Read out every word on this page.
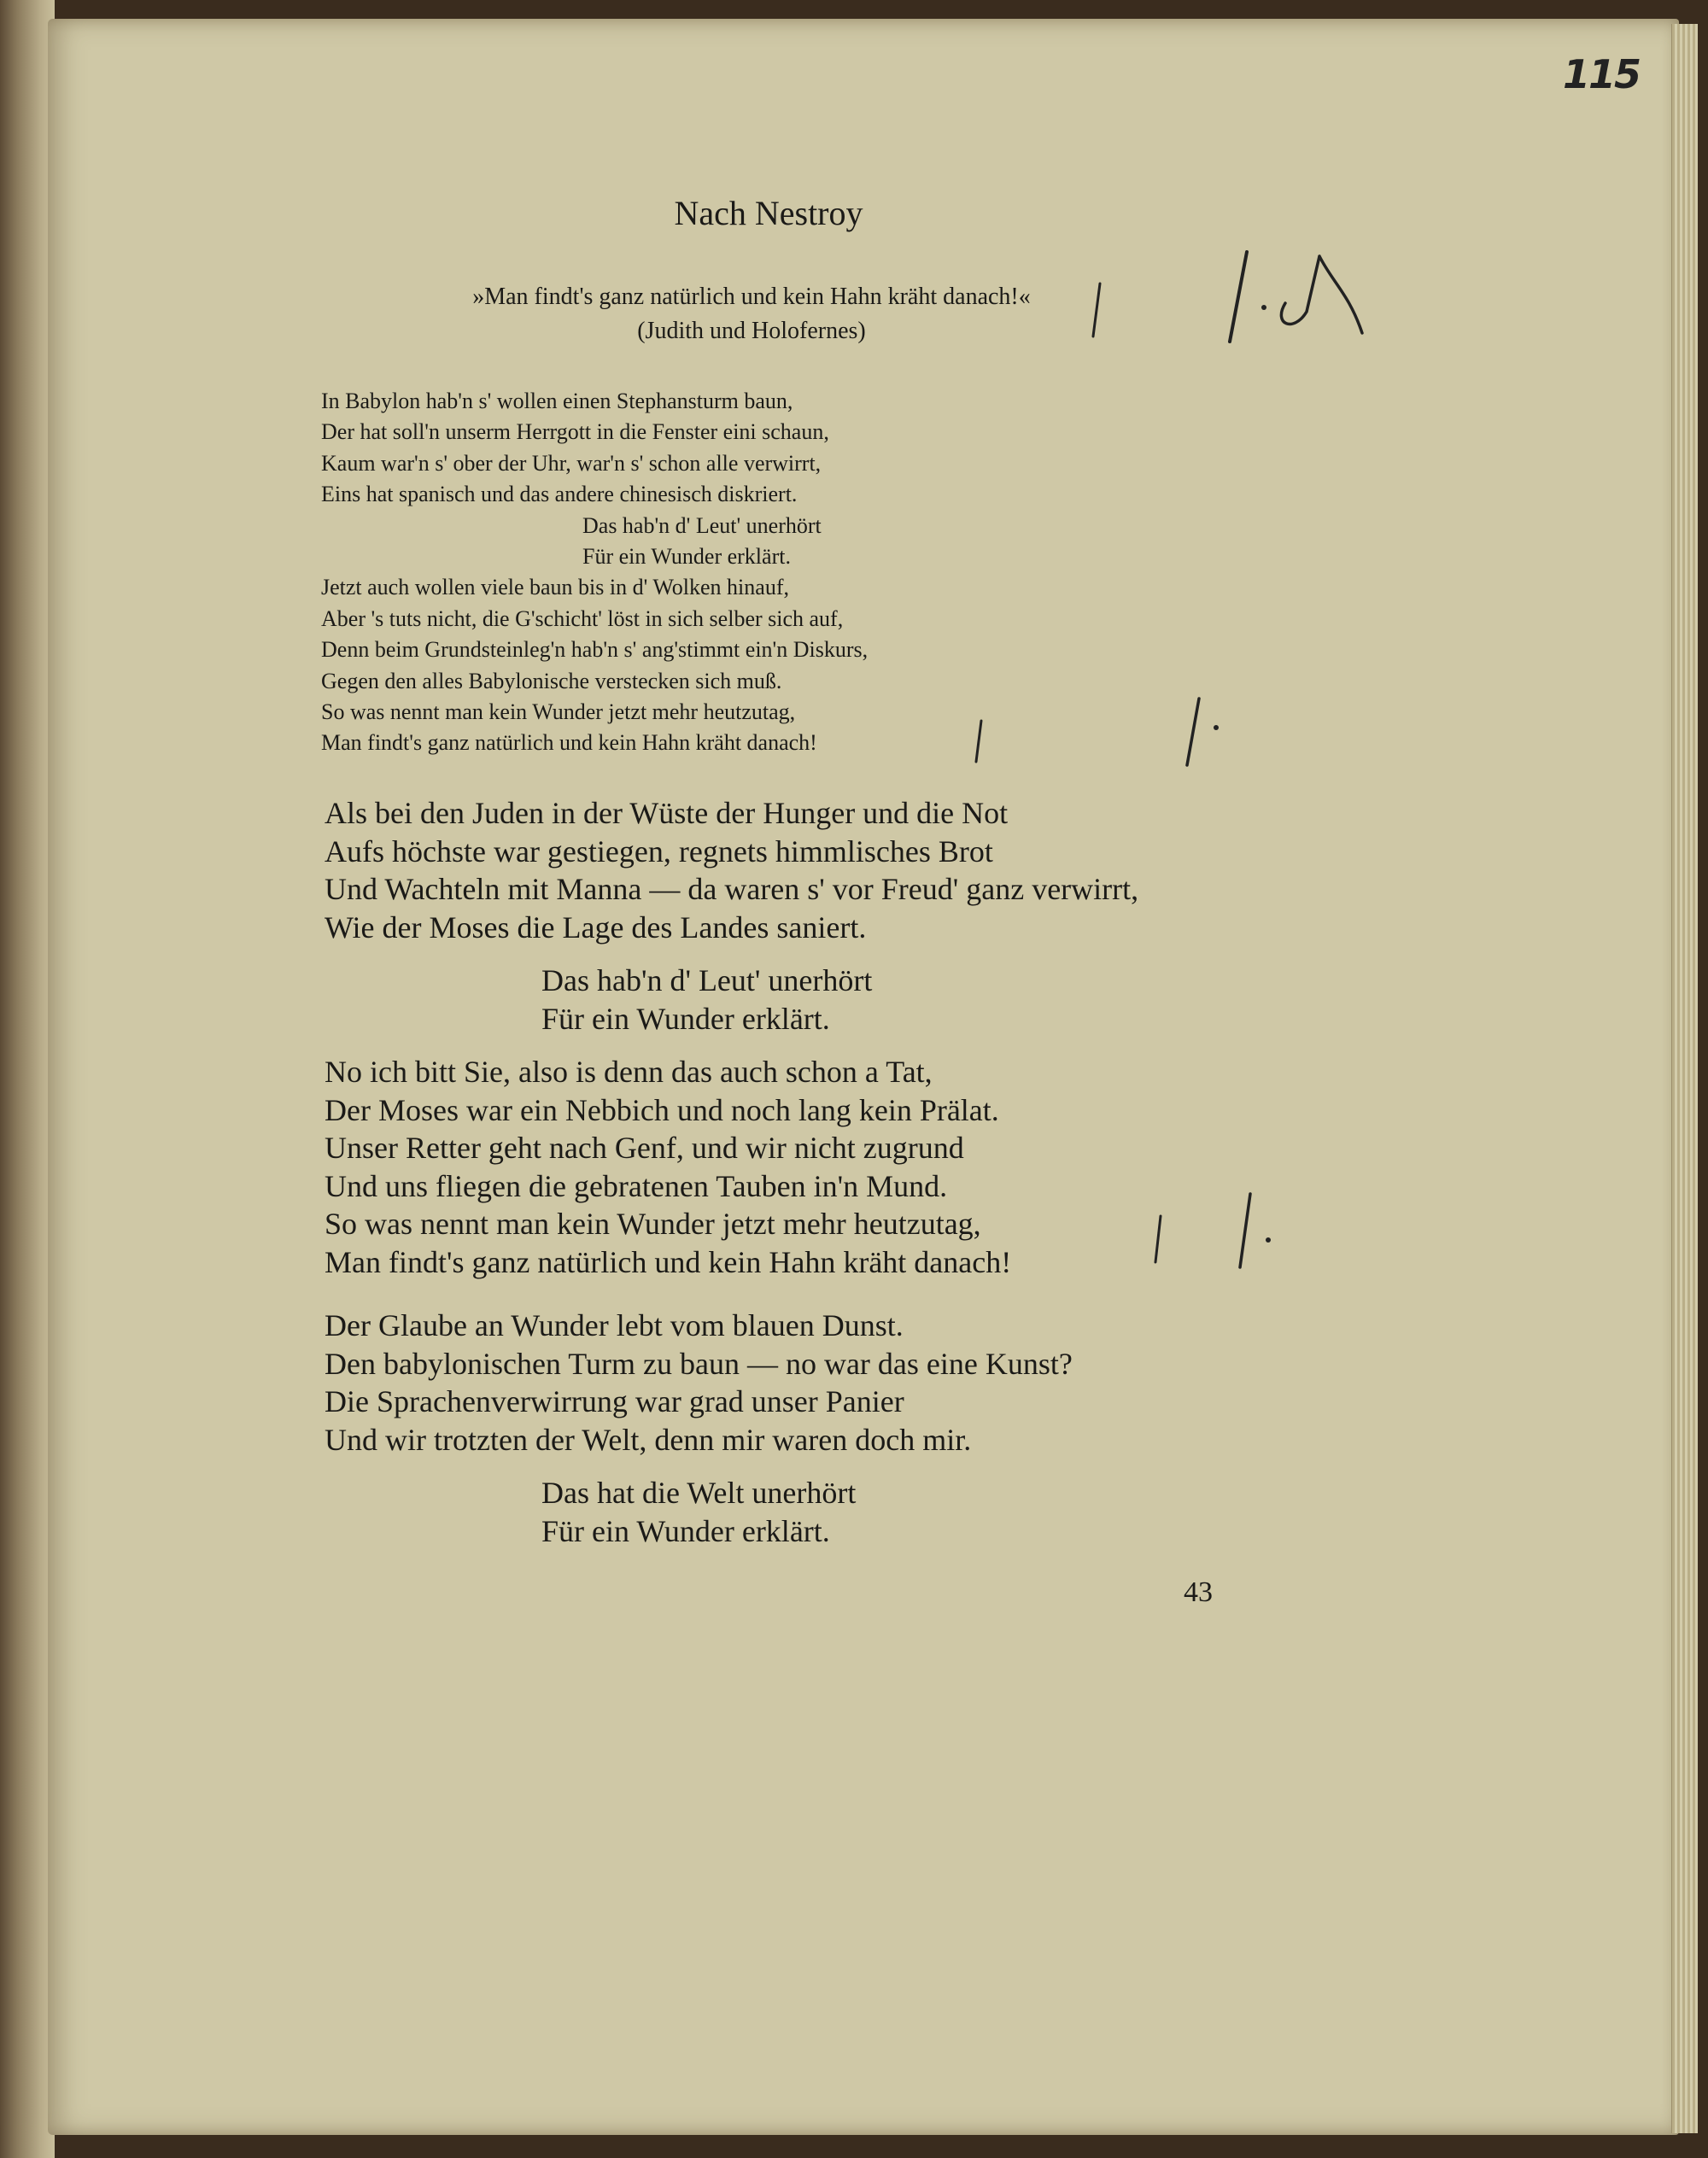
115
Nach Nestroy
»Man findt's ganz natürlich und kein Hahn kräht danach!«
(Judith und Holofernes)
In Babylon hab'n s' wollen einen Stephansturm baun,
Der hat soll'n unserm Herrgott in die Fenster eini schaun,
Kaum war'n s' ober der Uhr, war'n s' schon alle verwirrt,
Eins hat spanisch und das andere chinesisch diskriert.
Das hab'n d' Leut' unerhört
Für ein Wunder erklärt.
Jetzt auch wollen viele baun bis in d' Wolken hinauf,
Aber 's tuts nicht, die G'schicht' löst in sich selber sich auf,
Denn beim Grundsteinleg'n hab'n s' ang'stimmt ein'n Diskurs,
Gegen den alles Babylonische verstecken sich muß.
So was nennt man kein Wunder jetzt mehr heutzutag,
Man findt's ganz natürlich und kein Hahn kräht danach!
Als bei den Juden in der Wüste der Hunger und die Not
Aufs höchste war gestiegen, regnets himmlisches Brot
Und Wachteln mit Manna — da waren s' vor Freud' ganz verwirrt,
Wie der Moses die Lage des Landes saniert.
Das hab'n d' Leut' unerhört
Für ein Wunder erklärt.
No ich bitt Sie, also is denn das auch schon a Tat,
Der Moses war ein Nebbich und noch lang kein Prälat.
Unser Retter geht nach Genf, und wir nicht zugrund
Und uns fliegen die gebratenen Tauben in'n Mund.
So was nennt man kein Wunder jetzt mehr heutzutag,
Man findt's ganz natürlich und kein Hahn kräht danach!
Der Glaube an Wunder lebt vom blauen Dunst.
Den babylonischen Turm zu baun — no war das eine Kunst?
Die Sprachenverwirrung war grad unser Panier
Und wir trotzten der Welt, denn mir waren doch mir.
Das hat die Welt unerhört
Für ein Wunder erklärt.
43
